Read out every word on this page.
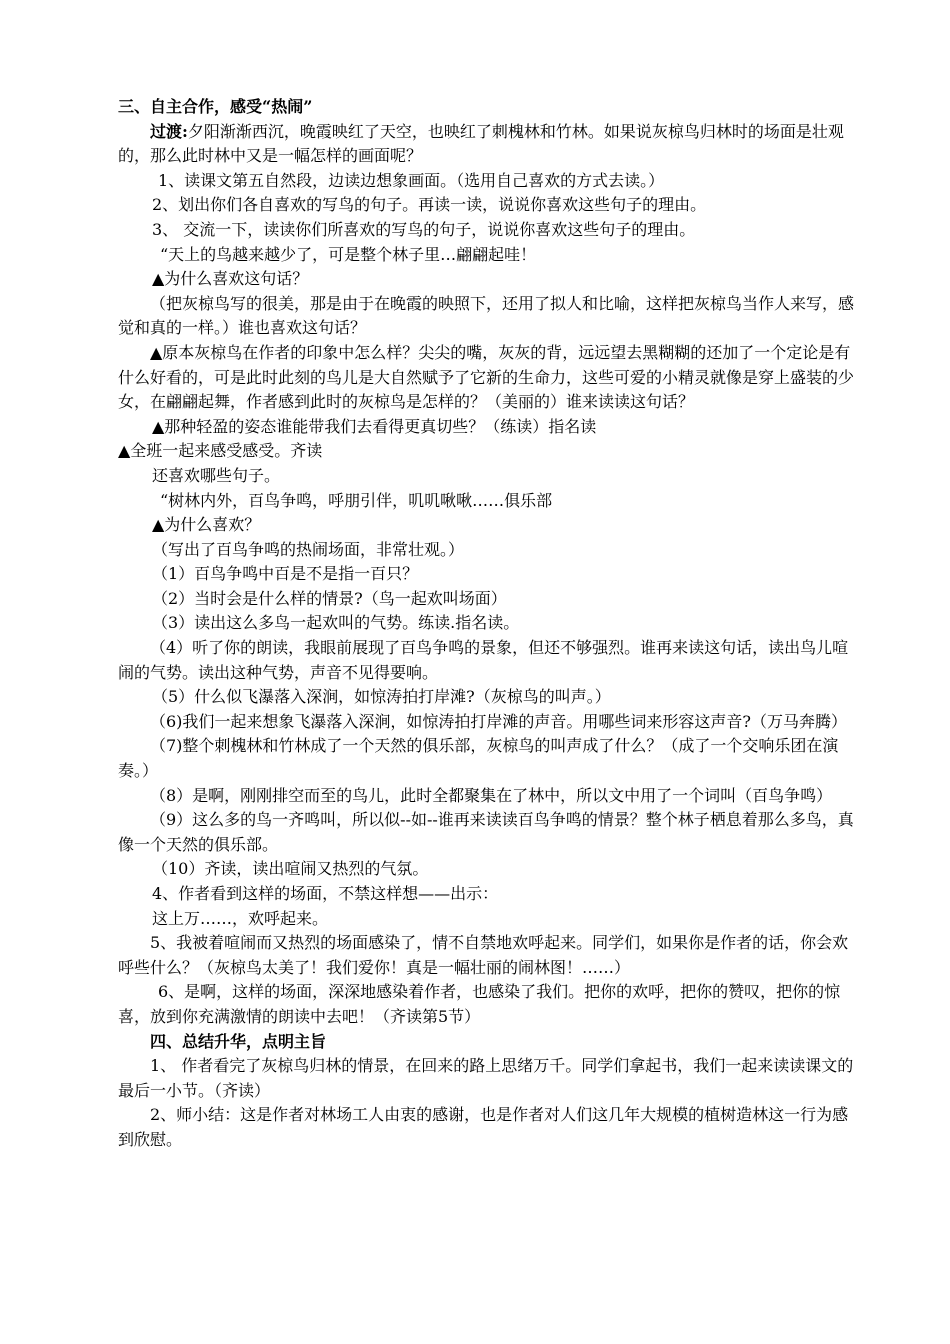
三、自主合作，感受“热闹”

过渡:夕阳渐渐西沉，晚霞映红了天空，也映红了刺槐林和竹林。如果说灰椋鸟归林时的场面是壮观的，那么此时林中又是一幅怎样的画面呢？

1、读课文第五自然段，边读边想象画面。（选用自己喜欢的方式去读。）

2、划出你们各自喜欢的写鸟的句子。再读一读，说说你喜欢这些句子的理由。

3、 交流一下，读读你们所喜欢的写鸟的句子，说说你喜欢这些句子的理由。

“天上的鸟越来越少了，可是整个林子里…翩翩起哇！

▲为什么喜欢这句话？

（把灰椋鸟写的很美，那是由于在晚霞的映照下，还用了拟人和比喻，这样把灰椋鸟当作人来写，感觉和真的一样。）谁也喜欢这句话？

▲原本灰椋鸟在作者的印象中怎么样？尖尖的嘴，灰灰的背，远远望去黑糊糊的还加了一个定论是有什么好看的，可是此时此刻的鸟儿是大自然赋予了它新的生命力，这些可爱的小精灵就像是穿上盛装的少女，在翩翩起舞，作者感到此时的灰椋鸟是怎样的？（美丽的）谁来读读这句话？

▲那种轻盈的姿态谁能带我们去看得更真切些？（练读）指名读

▲全班一起来感受感受。齐读

还喜欢哪些句子。

“树林内外，百鸟争鸣，呼朋引伴，叽叽啾啾……俱乐部

▲为什么喜欢？

（写出了百鸟争鸣的热闹场面，非常壮观。）

（1）百鸟争鸣中百是不是指一百只？

（2）当时会是什么样的情景?（鸟一起欢叫场面）

（3）读出这么多鸟一起欢叫的气势。练读.指名读。

（4）听了你的朗读，我眼前展现了百鸟争鸣的景象，但还不够强烈。谁再来读这句话，读出鸟儿喧闹的气势。读出这种气势，声音不见得要响。

（5）什么似飞瀑落入深涧，如惊涛拍打岸滩?（灰椋鸟的叫声。）

（6)我们一起来想象飞瀑落入深涧，如惊涛拍打岸滩的声音。用哪些词来形容这声音?（万马奔腾）

（7)整个刺槐林和竹林成了一个天然的俱乐部，灰椋鸟的叫声成了什么？（成了一个交响乐团在演奏。）

（8）是啊，刚刚排空而至的鸟儿，此时全都聚集在了林中，所以文中用了一个词叫（百鸟争鸣）

（9）这么多的鸟一齐鸣叫，所以似--如--谁再来读读百鸟争鸣的情景？整个林子栖息着那么多鸟，真像一个天然的俱乐部。

（10）齐读，读出喧闹又热烈的气氛。

4、作者看到这样的场面，不禁这样想——出示：

这上万……，欢呼起来。

5、我被着喧闹而又热烈的场面感染了，情不自禁地欢呼起来。同学们，如果你是作者的话，你会欢呼些什么？（灰椋鸟太美了！我们爱你！真是一幅壮丽的闹林图！……）

6、是啊，这样的场面，深深地感染着作者，也感染了我们。把你的欢呼，把你的赞叹，把你的惊喜，放到你充满激情的朗读中去吧！（齐读第5节）

四、总结升华，点明主旨

1、 作者看完了灰椋鸟归林的情景，在回来的路上思绪万千。同学们拿起书，我们一起来读读课文的最后一小节。（齐读）

2、师小结：这是作者对林场工人由衷的感谢，也是作者对人们这几年大规模的植树造林这一行为感到欣慰。
